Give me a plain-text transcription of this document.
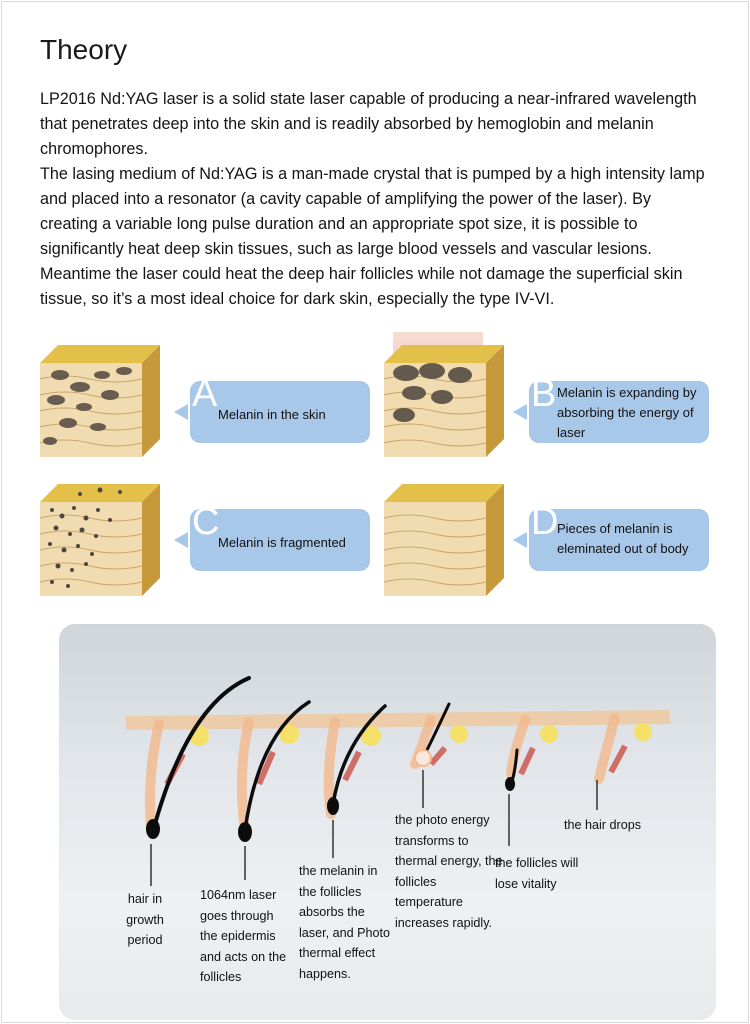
Theory

LP2016 Nd:YAG laser is a solid state laser capable of producing a near-infrared wavelength that penetrates deep into the skin and is readily absorbed by hemoglobin and melanin chromophores.

The lasing medium of Nd:YAG is a man-made crystal that is pumped by a high intensity lamp and placed into a resonator (a cavity capable of amplifying the power of the laser). By creating a variable long pulse duration and an appropriate spot size, it is possible to significantly heat deep skin tissues, such as large blood vessels and vascular lesions. Meantime the laser could heat the deep hair follicles while not damage the superficial skin tissue, so it’s a most ideal choice for dark skin, especially the type IV-VI.

A Melanin in the skin	B Melanin is expanding by absorbing the energy of laser
C
Melanin is fragmented	D
Pieces of melanin is eleminated out of body
hair in growth period
1064nm laser goes through the epidermis and acts on the follicles
the melanin in the follicles absorbs the laser, and Photo thermal effect happens.
the photo energy transforms to thermal energy, the follicles temperature increases rapidly.
the follicles will lose vitality
the hair drops
